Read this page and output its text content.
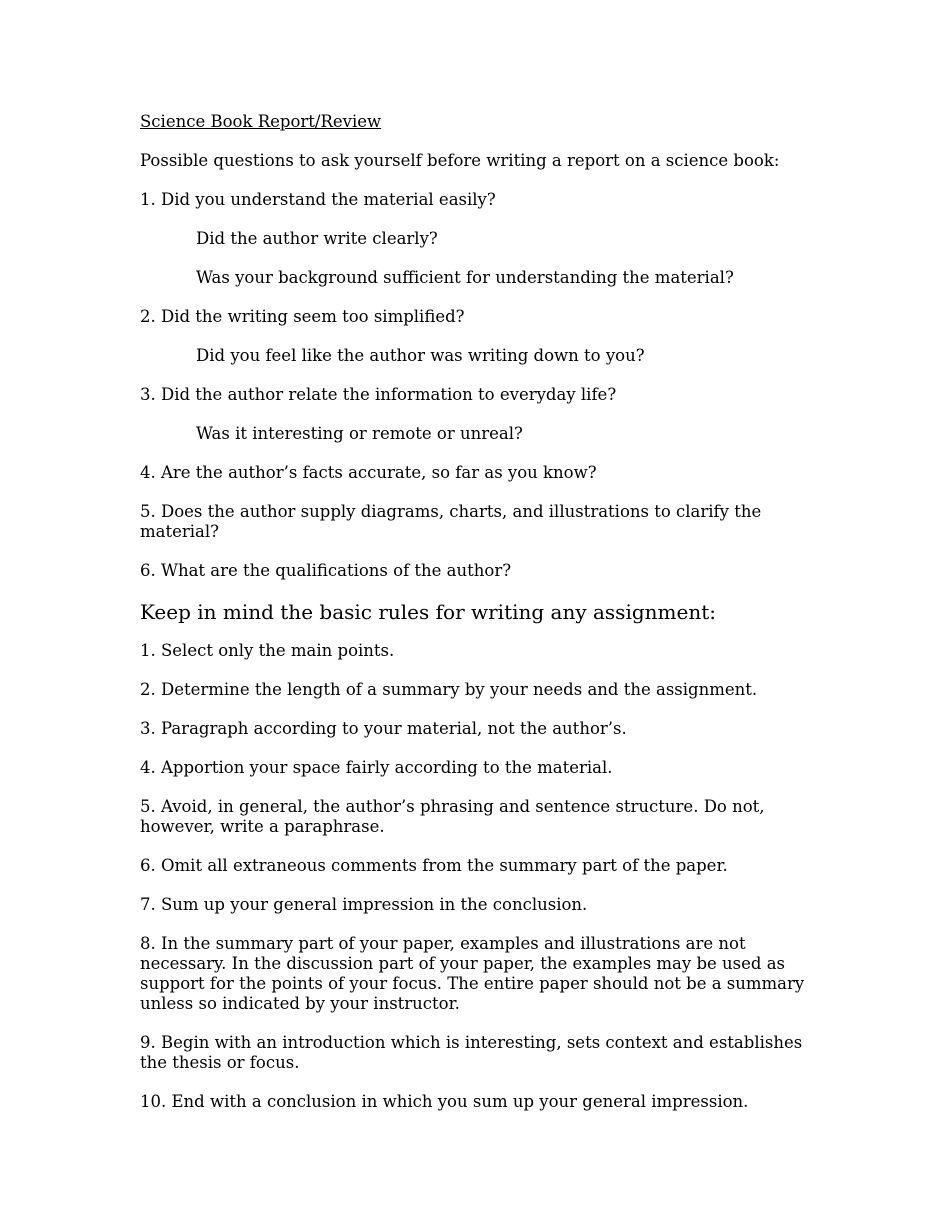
Science Book Report/Review

Possible questions to ask yourself before writing a report on a science book:

1. Did you understand the material easily?

Did the author write clearly?

Was your background sufficient for understanding the material?

2. Did the writing seem too simplified?

Did you feel like the author was writing down to you?

3. Did the author relate the information to everyday life?

Was it interesting or remote or unreal?

4. Are the author’s facts accurate, so far as you know?

5. Does the author supply diagrams, charts, and illustrations to clarify the material?

6. What are the qualifications of the author?

Keep in mind the basic rules for writing any assignment:

1. Select only the main points.

2. Determine the length of a summary by your needs and the assignment.

3. Paragraph according to your material, not the author’s.

4. Apportion your space fairly according to the material.

5. Avoid, in general, the author’s phrasing and sentence structure. Do not, however, write a paraphrase.

6. Omit all extraneous comments from the summary part of the paper.

7. Sum up your general impression in the conclusion.

8. In the summary part of your paper, examples and illustrations are not necessary. In the discussion part of your paper, the examples may be used as support for the points of your focus. The entire paper should not be a summary unless so indicated by your instructor.

9. Begin with an introduction which is interesting, sets context and establishes the thesis or focus.

10. End with a conclusion in which you sum up your general impression.
